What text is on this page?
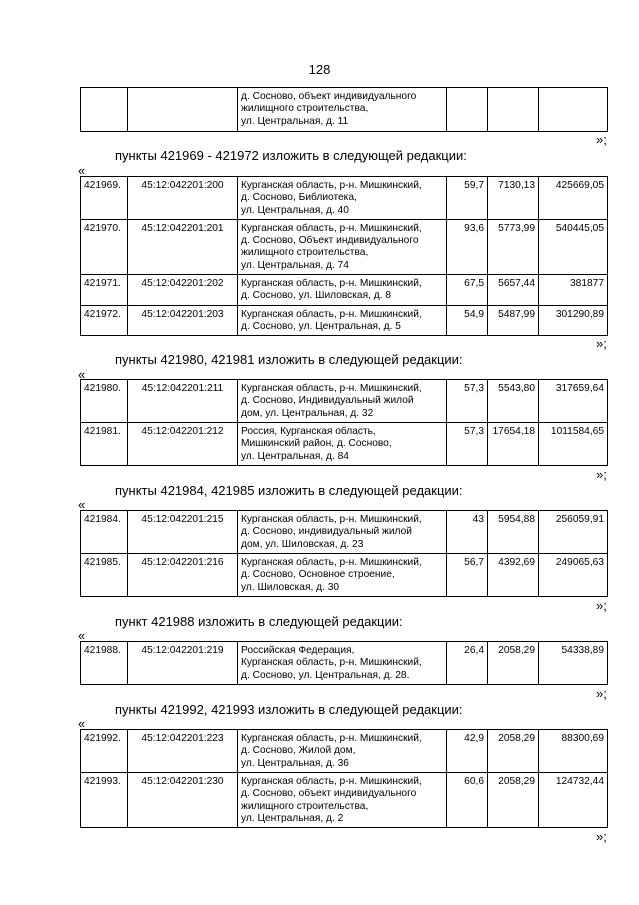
128
		д. Сосново, объект индивидуального
жилищного строительства,
ул. Центральная, д. 11			
»;
пункты 421969 - 421972 изложить в следующей редакции:
«
421969.	45:12:042201:200	Курганская область, р-н. Мишкинский,
д. Сосново, Библиотека,
ул. Центральная, д. 40	59,7	7130,13	425669,05
421970.	45:12:042201:201	Курганская область, р-н. Мишкинский,
д. Сосново, Объект индивидуального
жилищного строительства,
ул. Центральная, д. 74	93,6	5773,99	540445,05
421971.	45:12:042201:202	Курганская область, р-н. Мишкинский,
д. Сосново, ул. Шиловская, д. 8	67,5	5657,44	381877
421972.	45:12:042201:203	Курганская область, р-н. Мишкинский,
д. Сосново, ул. Центральная, д. 5	54,9	5487,99	301290,89
»;
пункты 421980, 421981 изложить в следующей редакции:
«
421980.	45:12:042201:211	Курганская область, р-н. Мишкинский,
д. Сосново, Индивидуальный жилой
дом, ул. Центральная, д. 32	57,3	5543,80	317659,64
421981.	45:12:042201:212	Россия, Курганская область,
Мишкинский район, д. Сосново,
ул. Центральная, д. 84	57,3	17654,18	1011584,65
»;
пункты 421984, 421985 изложить в следующей редакции:
«
421984.	45:12:042201:215	Курганская область, р-н. Мишкинский,
д. Сосново, индивидуальный жилой
дом, ул. Шиловская, д. 23	43	5954,88	256059,91
421985.	45:12:042201:216	Курганская область, р-н. Мишкинский,
д. Сосново, Основное строение,
ул. Шиловская, д. 30	56,7	4392,69	249065,63
»;
пункт 421988 изложить в следующей редакции:
«
421988.	45:12:042201:219	Российская Федерация,
Курганская область, р-н. Мишкинский,
д. Сосново, ул. Центральная, д. 28.	26,4	2058,29	54338,89
»;
пункты 421992, 421993 изложить в следующей редакции:
«
421992.	45:12:042201:223	Курганская область, р-н. Мишкинский,
д. Сосново, Жилой дом,
ул. Центральная, д. 36	42,9	2058,29	88300,69
421993.	45:12:042201:230	Курганская область, р-н. Мишкинский,
д. Сосново, объект индивидуального
жилищного строительства,
ул. Центральная, д. 2	60,6	2058,29	124732,44
»;
